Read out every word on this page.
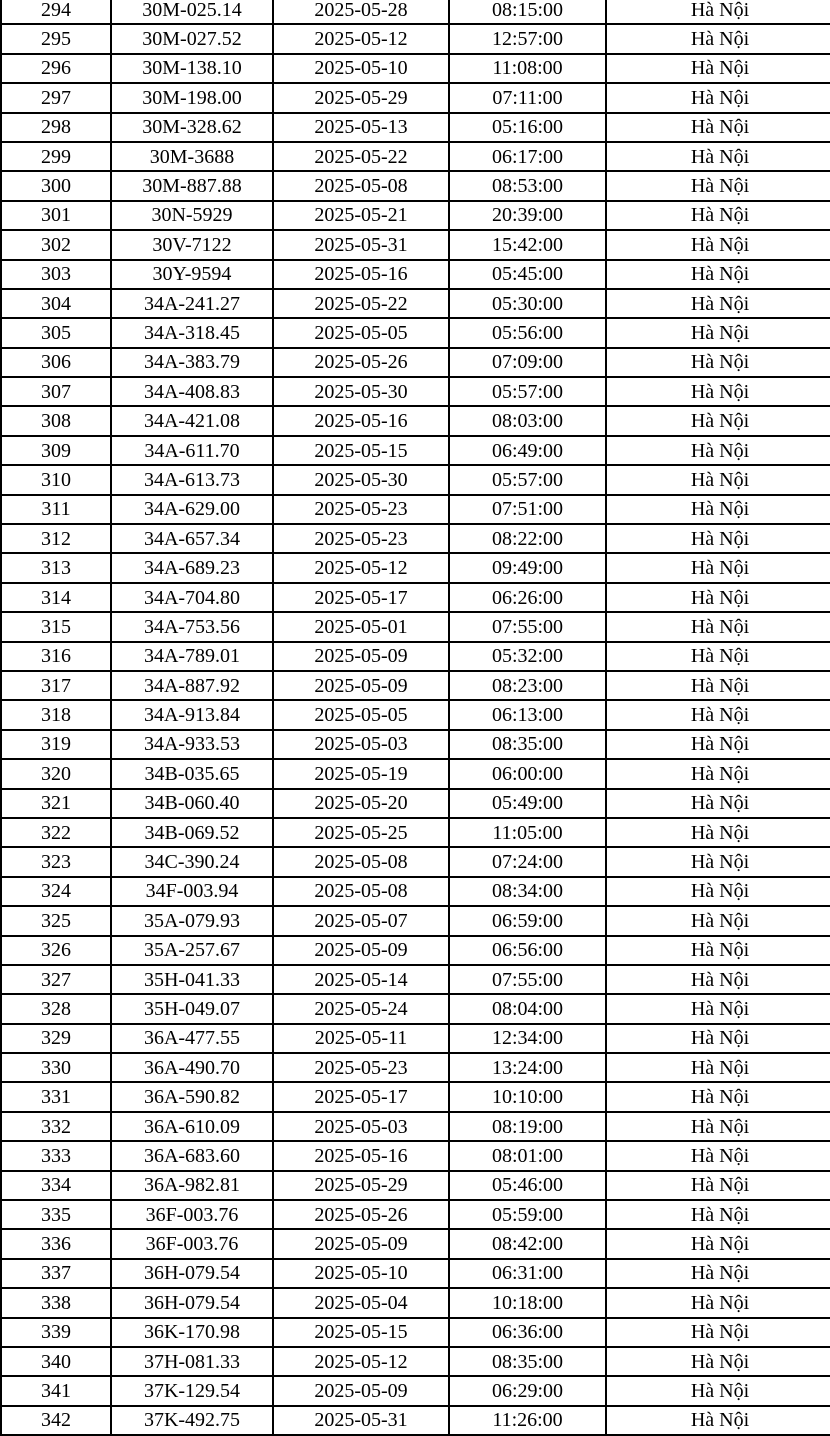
294	30M-025.14	2025-05-28	08:15:00	Hà Nội
295	30M-027.52	2025-05-12	12:57:00	Hà Nội
296	30M-138.10	2025-05-10	11:08:00	Hà Nội
297	30M-198.00	2025-05-29	07:11:00	Hà Nội
298	30M-328.62	2025-05-13	05:16:00	Hà Nội
299	30M-3688	2025-05-22	06:17:00	Hà Nội
300	30M-887.88	2025-05-08	08:53:00	Hà Nội
301	30N-5929	2025-05-21	20:39:00	Hà Nội
302	30V-7122	2025-05-31	15:42:00	Hà Nội
303	30Y-9594	2025-05-16	05:45:00	Hà Nội
304	34A-241.27	2025-05-22	05:30:00	Hà Nội
305	34A-318.45	2025-05-05	05:56:00	Hà Nội
306	34A-383.79	2025-05-26	07:09:00	Hà Nội
307	34A-408.83	2025-05-30	05:57:00	Hà Nội
308	34A-421.08	2025-05-16	08:03:00	Hà Nội
309	34A-611.70	2025-05-15	06:49:00	Hà Nội
310	34A-613.73	2025-05-30	05:57:00	Hà Nội
311	34A-629.00	2025-05-23	07:51:00	Hà Nội
312	34A-657.34	2025-05-23	08:22:00	Hà Nội
313	34A-689.23	2025-05-12	09:49:00	Hà Nội
314	34A-704.80	2025-05-17	06:26:00	Hà Nội
315	34A-753.56	2025-05-01	07:55:00	Hà Nội
316	34A-789.01	2025-05-09	05:32:00	Hà Nội
317	34A-887.92	2025-05-09	08:23:00	Hà Nội
318	34A-913.84	2025-05-05	06:13:00	Hà Nội
319	34A-933.53	2025-05-03	08:35:00	Hà Nội
320	34B-035.65	2025-05-19	06:00:00	Hà Nội
321	34B-060.40	2025-05-20	05:49:00	Hà Nội
322	34B-069.52	2025-05-25	11:05:00	Hà Nội
323	34C-390.24	2025-05-08	07:24:00	Hà Nội
324	34F-003.94	2025-05-08	08:34:00	Hà Nội
325	35A-079.93	2025-05-07	06:59:00	Hà Nội
326	35A-257.67	2025-05-09	06:56:00	Hà Nội
327	35H-041.33	2025-05-14	07:55:00	Hà Nội
328	35H-049.07	2025-05-24	08:04:00	Hà Nội
329	36A-477.55	2025-05-11	12:34:00	Hà Nội
330	36A-490.70	2025-05-23	13:24:00	Hà Nội
331	36A-590.82	2025-05-17	10:10:00	Hà Nội
332	36A-610.09	2025-05-03	08:19:00	Hà Nội
333	36A-683.60	2025-05-16	08:01:00	Hà Nội
334	36A-982.81	2025-05-29	05:46:00	Hà Nội
335	36F-003.76	2025-05-26	05:59:00	Hà Nội
336	36F-003.76	2025-05-09	08:42:00	Hà Nội
337	36H-079.54	2025-05-10	06:31:00	Hà Nội
338	36H-079.54	2025-05-04	10:18:00	Hà Nội
339	36K-170.98	2025-05-15	06:36:00	Hà Nội
340	37H-081.33	2025-05-12	08:35:00	Hà Nội
341	37K-129.54	2025-05-09	06:29:00	Hà Nội
342	37K-492.75	2025-05-31	11:26:00	Hà Nội
